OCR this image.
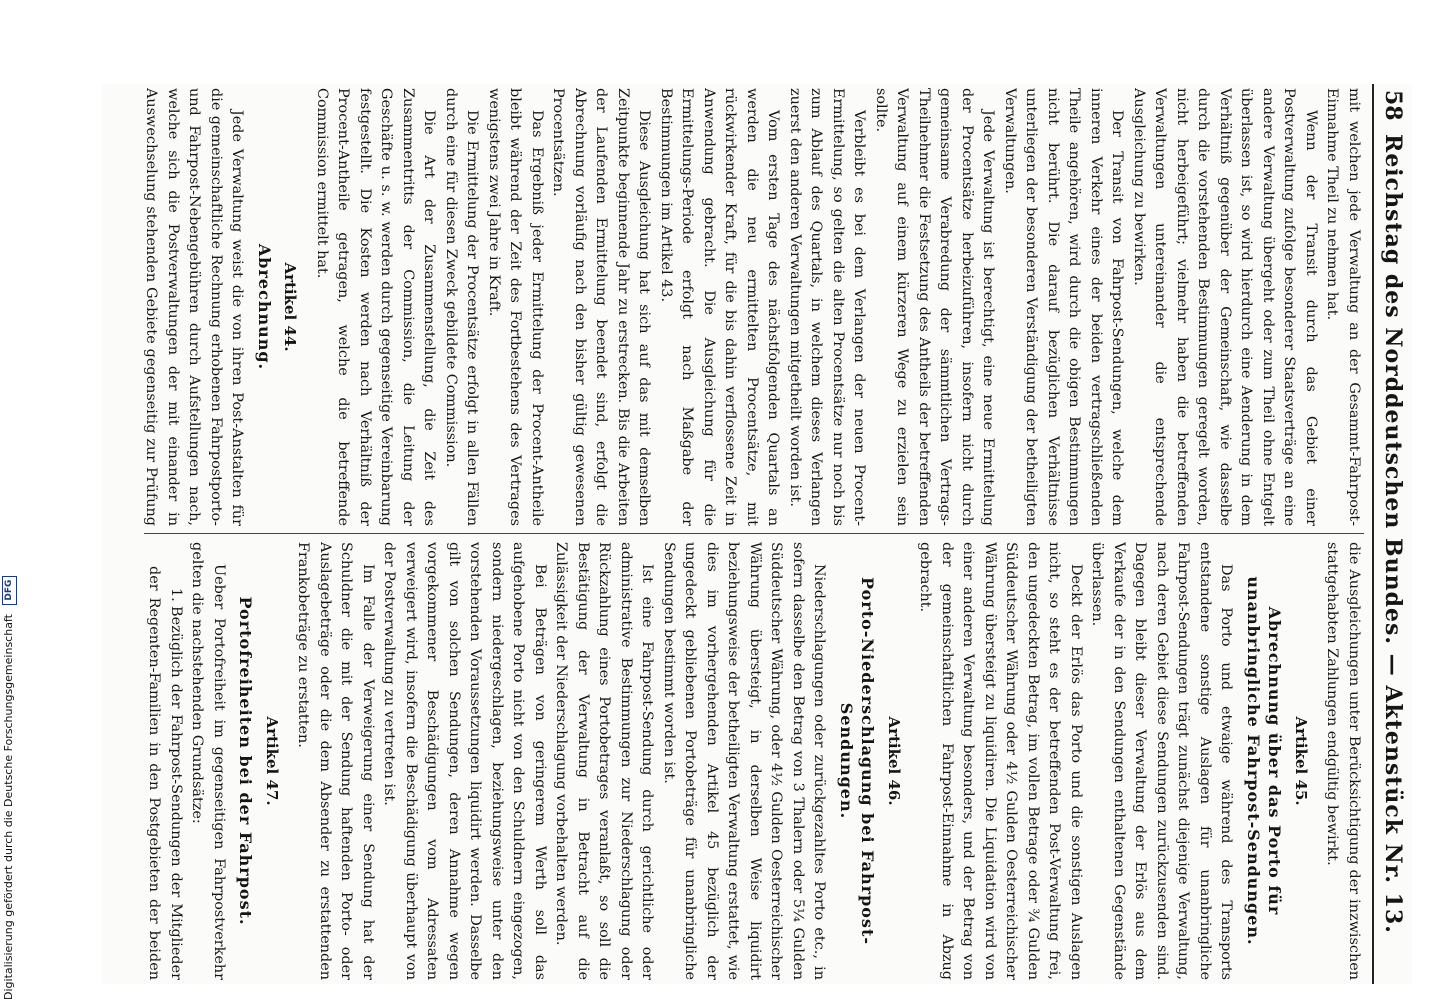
58
Reichstag des Norddeutschen Bundes. — Aktenstück Nr. 13.

mit welchen jede Verwaltung an der Gesammt-Fahrpost-Einnahme Theil zu nehmen hat.

Wenn der Transit durch das Gebiet einer Postverwaltung zufolge besonderer Staatsverträge an eine andere Verwaltung übergeht oder zum Theil ohne Entgelt überlassen ist, so wird hierdurch eine Aenderung in dem Verhältniß gegenüber der Gemeinschaft, wie dasselbe durch die vorstehenden Bestimmungen geregelt worden, nicht herbeigeführt; vielmehr haben die betreffenden Verwaltungen untereinander die entsprechende Ausgleichung zu bewirken.

Der Transit von Fahrpost-Sendungen, welche dem inneren Verkehr eines der beiden vertragschließenden Theile angehören, wird durch die obigen Bestimmungen nicht berührt. Die darauf bezüglichen Verhältnisse unterliegen der besonderen Verständigung der betheiligten Verwaltungen.

Jede Verwaltung ist berechtigt, eine neue Ermittelung der Procentsätze herbeizuführen, insofern nicht durch gemeinsame Verabredung der sämmtlichen Vertrags-Theilnehmer die Festsetzung des Antheils der betreffenden Verwaltung auf einem kürzeren Wege zu erzielen sein sollte.

Verbleibt es bei dem Verlangen der neuen Procent-Ermittelung, so gelten die alten Procentsätze nur noch bis zum Ablauf des Quartals, in welchem dieses Verlangen zuerst den anderen Verwaltungen mitgetheilt worden ist.

Vom ersten Tage des nächstfolgenden Quartals an werden die neu ermittelten Procentsätze, mit rückwirkender Kraft, für die bis dahin verflossene Zeit in Anwendung gebracht. Die Ausgleichung für die Ermittelungs-Periode erfolgt nach Maßgabe der Bestimmungen im Artikel 43.

Diese Ausgleichung hat sich auf das mit demselben Zeitpunkte beginnende Jahr zu erstrecken. Bis die Arbeiten der Laufenden Ermittelung beendet sind, erfolgt die Abrechnung vorläufig nach den bisher gültig gewesenen Procentsätzen.

Das Ergebniß jeder Ermittelung der Procent-Antheile bleibt während der Zeit des Fortbestehens des Vertrages wenigstens zwei Jahre in Kraft.

Die Ermittelung der Procentsätze erfolgt in allen Fällen durch eine für diesen Zweck gebildete Commission.

Die Art der Zusammenstellung, die Zeit des Zusammentritts der Commission, die Leitung der Geschäfte u. s. w. werden durch gegenseitige Vereinbarung festgestellt. Die Kosten werden nach Verhältniß der Procent-Antheile getragen, welche die betreffende Commission ermittelt hat.

Artikel 44.
Abrechnung.

Jede Verwaltung weist die von ihren Post-Anstalten für die gemeinschaftliche Rechnung erhobenen Fahrpostporto- und Fahrpost-Nebengebühren durch Aufstellungen nach, welche sich die Postverwaltungen der mit einander in Auswechselung stehenden Gebiete gegenseitig zur Prüfung

die Ausgleichungen unter Berücksichtigung der inzwischen stattgehabten Zahlungen endgültig bewirkt.

Artikel 45.
Abrechnung über das Porto für unanbringliche Fahrpost-Sendungen.

Das Porto und etwaige während des Transports entstandene sonstige Auslagen für unanbringliche Fahrpost-Sendungen trägt zunächst diejenige Verwaltung, nach deren Gebiet diese Sendungen zurückzusenden sind. Dagegen bleibt dieser Verwaltung der Erlös aus dem Verkaufe der in den Sendungen enthaltenen Gegenstände überlassen.

Deckt der Erlös das Porto und die sonstigen Auslagen nicht, so steht es der betreffenden Post-Verwaltung frei, den ungedeckten Betrag, im vollen Betrage oder ¾ Gulden Süddeutscher Währung oder 4½ Gulden Oesterreichischer Währung übersteigt zu liquidiren. Die Liquidation wird von einer anderen Verwaltung besonders, und der Betrag von der gemeinschaftlichen Fahrpost-Einnahme in Abzug gebracht.

Artikel 46.
Porto-Niederschlagung bei Fahrpost-Sendungen.

Niederschlagungen oder zurückgezahltes Porto etc., in sofern dasselbe den Betrag von 3 Thalern oder 5¼ Gulden Süddeutscher Währung, oder 4½ Gulden Oesterreichischer Währung übersteigt, in derselben Weise liquidirt beziehungsweise der betheiligten Verwaltung erstattet, wie dies im vorhergehenden Artikel 45 bezüglich der ungedeckt gebliebenen Portobeträge für unanbringliche Sendungen bestimmt worden ist.

Ist eine Fahrpost-Sendung durch gerichtliche oder administrative Bestimmungen zur Niederschlagung oder Rückzahlung eines Portobetrages veranlaßt, so soll die Bestätigung der Verwaltung in Betracht auf die Zulässigkeit der Niederschlagung vorbehalten werden.

Bei Beträgen von geringerem Werth soll das aufgehobene Porto nicht von den Schuldnern eingezogen, sondern niedergeschlagen, beziehungsweise unter den vorstehenden Voraussetzungen liquidirt werden. Dasselbe gilt von solchen Sendungen, deren Annahme wegen vorgekommener Beschädigungen vom Adressaten verweigert wird, insofern die Beschädigung überhaupt von der Postverwaltung zu vertreten ist.

Im Falle der Verweigerung einer Sendung hat der Schuldner die mit der Sendung haftenden Porto- oder Auslagebeträge oder die dem Absender zu erstattenden Frankobeträge zu erstatten.

Artikel 47.
Portofreiheiten bei der Fahrpost.

Ueber Portofreiheit im gegenseitigen Fahrpostverkehr gelten die nachstehenden Grundsätze:

1.Bezüglich der Fahrpost-Sendungen der Mitglieder der Regenten-Familien in den Postgebieten der beiden

Digitalisierung gefördert durch die Deutsche Forschungsgemeinschaft DFG
